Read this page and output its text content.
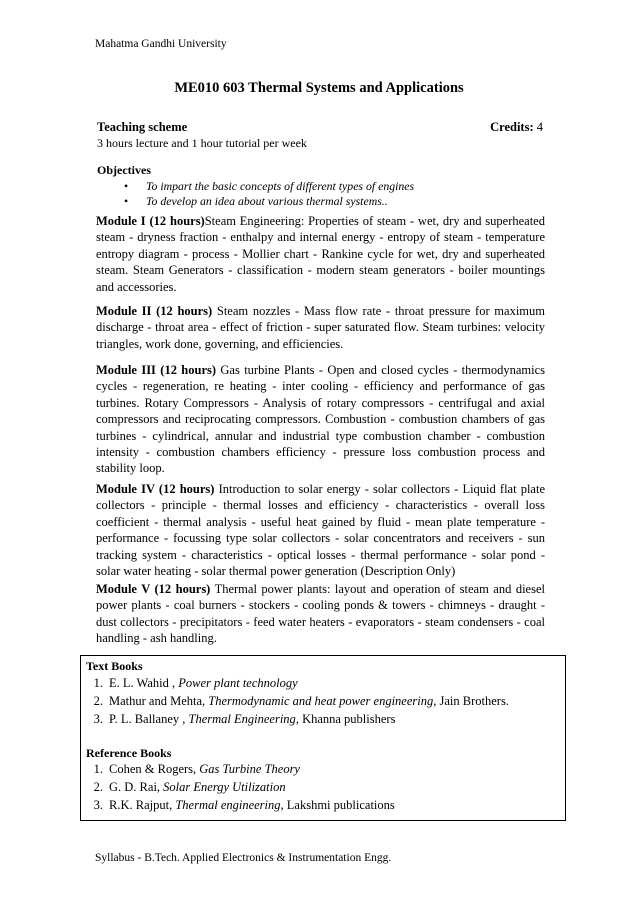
Mahatma Gandhi University
ME010 603 Thermal Systems and Applications
Teaching scheme	Credits: 4
3 hours lecture and 1 hour tutorial per week
Objectives
• To impart the basic concepts of different types of engines
• To develop an idea about various thermal systems..

Module I (12 hours)Steam Engineering: Properties of steam - wet, dry and superheated steam - dryness fraction - enthalpy and internal energy - entropy of steam - temperature entropy diagram - process - Mollier chart - Rankine cycle for wet, dry and superheated steam. Steam Generators - classification - modern steam generators - boiler mountings and accessories.

Module II (12 hours) Steam nozzles - Mass flow rate - throat pressure for maximum discharge - throat area - effect of friction - super saturated flow. Steam turbines: velocity triangles, work done, governing, and efficiencies.

Module III (12 hours) Gas turbine Plants - Open and closed cycles - thermodynamics cycles - regeneration, re heating - inter cooling - efficiency and performance of gas turbines. Rotary Compressors - Analysis of rotary compressors - centrifugal and axial compressors and reciprocating compressors. Combustion - combustion chambers of gas turbines - cylindrical, annular and industrial type combustion chamber - combustion intensity - combustion chambers efficiency - pressure loss combustion process and stability loop.

Module IV (12 hours) Introduction to solar energy - solar collectors - Liquid flat plate collectors - principle - thermal losses and efficiency - characteristics - overall loss coefficient - thermal analysis - useful heat gained by fluid - mean plate temperature - performance - focussing type solar collectors - solar concentrators and receivers - sun tracking system - characteristics - optical losses - thermal performance - solar pond - solar water heating - solar thermal power generation (Description Only)

Module V (12 hours) Thermal power plants: layout and operation of steam and diesel power plants - coal burners - stockers - cooling ponds & towers - chimneys - draught - dust collectors - precipitators - feed water heaters - evaporators - steam condensers - coal handling - ash handling.

Text Books
1. E. L. Wahid , Power plant technology
2. Mathur and Mehta, Thermodynamic and heat power engineering, Jain Brothers.
3. P. L. Ballaney , Thermal Engineering, Khanna publishers
Reference Books
1. Cohen & Rogers, Gas Turbine Theory
2. G. D. Rai, Solar Energy Utilization
3. R.K. Rajput, Thermal engineering, Lakshmi publications
Syllabus - B.Tech. Applied Electronics & Instrumentation Engg.
